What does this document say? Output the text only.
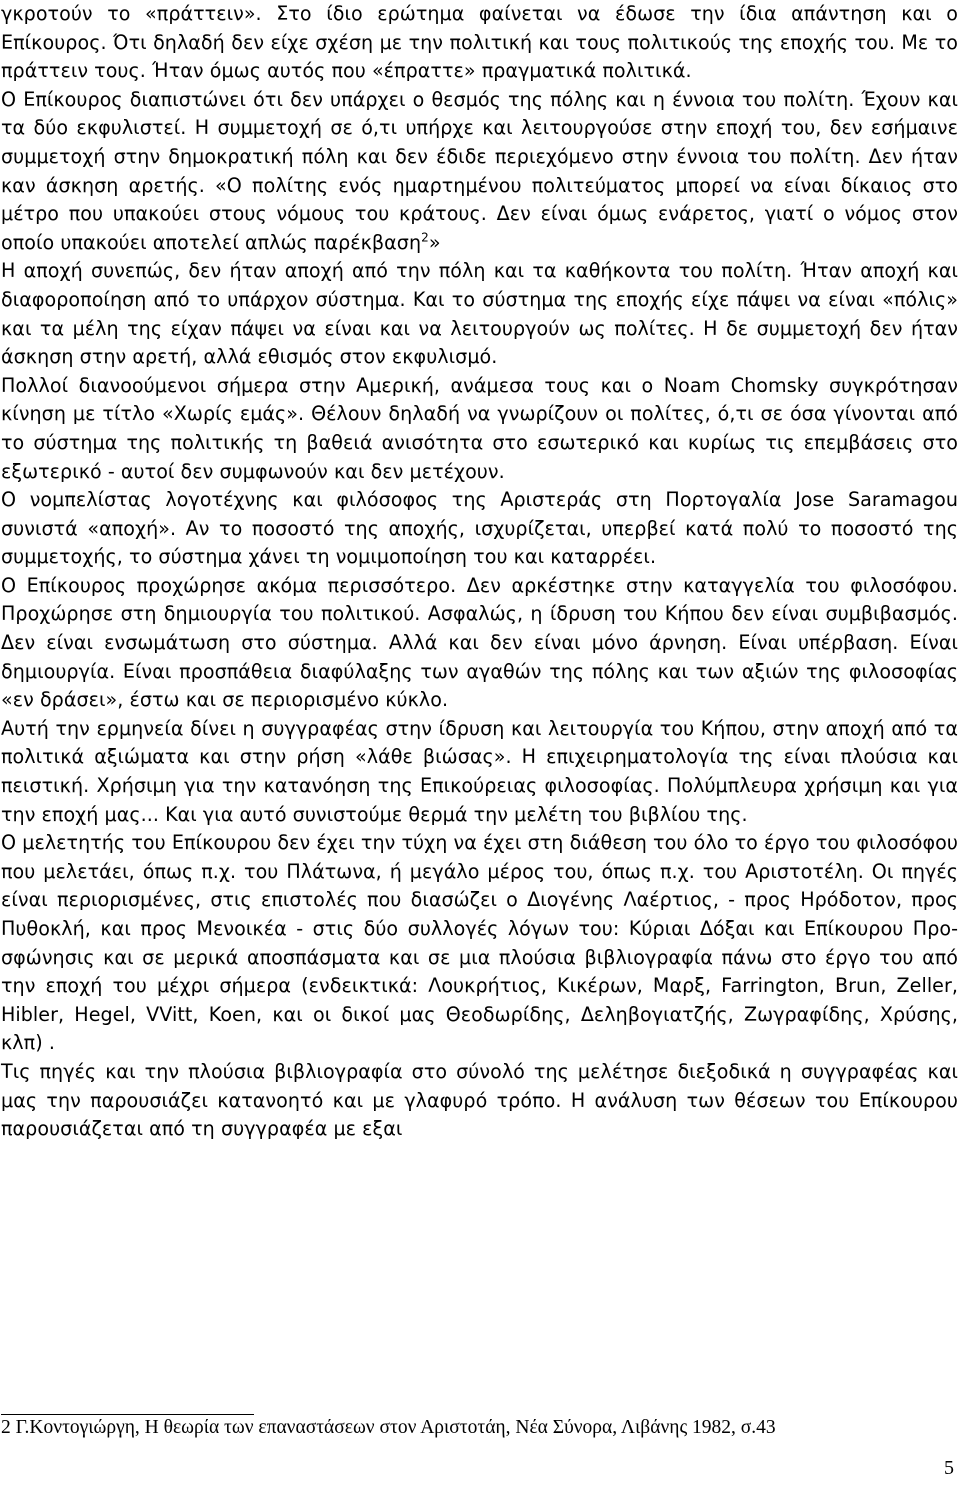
γκροτούν το «πράττειν». Στο ίδιο ερώτημα φαίνεται να έδωσε την ίδια απάντηση και ο Επίκουρος. Ότι δηλαδή δεν είχε σχέση με την πολιτική και τους πολιτικούς της εποχής του. Με το πράττειν τους. Ήταν όμως αυτός που «έπραττε» πραγματικά πολιτικά.

Ο Επίκουρος διαπιστώνει ότι δεν υπάρχει ο θεσμός της πόλης και η έννοια του πολίτη. Έχουν και τα δύο εκφυλιστεί. Η συμμετοχή σε ό,τι υπήρχε και λειτουργούσε στην εποχή του, δεν εσήμαινε συμμετοχή στην δημοκρατική πόλη και δεν έδιδε περιεχόμενο στην έννοια του πολίτη. Δεν ήταν καν άσκηση αρετής. «Ο πολίτης ενός ημαρτημένου πολιτεύματος μπορεί να είναι δίκαιος στο μέτρο που υπακούει στους νόμους του κράτους. Δεν είναι όμως ενάρετος, γιατί ο νόμος στον οποίο υπακούει αποτελεί απλώς παρέκβαση$^2$»

Η αποχή συνεπώς, δεν ήταν αποχή από την πόλη και τα καθήκοντα του πολίτη. Ήταν αποχή και διαφοροποίηση από το υπάρχον σύστημα. Και το σύστημα της εποχής είχε πάψει να είναι «πόλις» και τα μέλη της είχαν πάψει να είναι και να λειτουργούν ως πολίτες. Η δε συμμετοχή δεν ήταν άσκηση στην αρετή, αλλά εθισμός στον εκφυλισμό.

Πολλοί διανοούμενοι σήμερα στην Αμερική, ανάμεσα τους και ο Noam Chomsky συγκρότησαν κίνηση με τίτλο «Χωρίς εμάς». Θέλουν δηλαδή να γνωρίζουν οι πολίτες, ό,τι σε όσα γίνονται από το σύστημα της πολιτικής τη βαθειά ανισότητα στο εσωτερικό και κυρίως τις επεμβάσεις στο εξωτερικό - αυτοί δεν συμφωνούν και δεν μετέχουν.

Ο νομπελίστας λογοτέχνης και φιλόσοφος της Αριστεράς στη Πορτογαλία Jose Saramagou συνιστά «αποχή». Αν το ποσοστό της αποχής, ισχυρίζεται, υπερβεί κατά πολύ το ποσοστό της συμμετοχής, το σύστημα χάνει τη νομιμοποίηση του και καταρρέει.

Ο Επίκουρος προχώρησε ακόμα περισσότερο. Δεν αρκέστηκε στην καταγγελία του φιλοσόφου. Προχώρησε στη δημιουργία του πολιτικού. Ασφαλώς, η ίδρυση του Κήπου δεν είναι συμβιβασμός. Δεν είναι ενσωμάτωση στο σύστημα. Αλλά και δεν είναι μόνο άρνηση. Είναι υπέρβαση. Είναι δημιουργία. Είναι προσπάθεια διαφύλαξης των αγαθών της πόλης και των αξιών της φιλοσοφίας «εν δράσει», έστω και σε περιορισμένο κύκλο.

Αυτή την ερμηνεία δίνει η συγγραφέας στην ίδρυση και λειτουργία του Κήπου, στην αποχή από τα πολιτικά αξιώματα και στην ρήση «λάθε βιώσας». Η επιχειρηματολογία της είναι πλούσια και πειστική. Χρήσιμη για την κατανόηση της Επικούρειας φιλοσοφίας. Πολύμπλευρα χρήσιμη και για την εποχή μας... Και για αυτό συνιστούμε θερμά την μελέτη του βιβλίου της.

Ο μελετητής του Επίκουρου δεν έχει την τύχη να έχει στη διάθεση του όλο το έργο του φιλοσόφου που μελετάει, όπως π.χ. του Πλάτωνα, ή μεγάλο μέρος του, όπως π.χ. του Αριστοτέλη. Οι πηγές είναι περιορισμένες, στις επιστολές που διασώζει ο Διογένης Λαέρτιος, - προς Ηρόδοτον, προς Πυθοκλή, και προς Μενοικέα - στις δύο συλλογές λόγων του: Κύριαι Δόξαι και Επίκουρου Προσφώνησις και σε μερικά αποσπάσματα και σε μια πλούσια βιβλιογραφία πάνω στο έργο του από την εποχή του μέχρι σήμερα (ενδεικτικά: Λουκρήτιος, Κικέρων, Μαρξ, Farrington, Brun, Zeller, Hibler, Hegel, VVitt, Koen, και οι δικοί μας Θεοδωρίδης, Δεληβογιατζής, Ζωγραφίδης, Χρύσης, κλπ) .

Τις πηγές και την πλούσια βιβλιογραφία στο σύνολό της μελέτησε διεξοδικά η συγγραφέας και μας την παρουσιάζει κατανοητό και με γλαφυρό τρόπο. Η ανάλυση των θέσεων του Επίκουρου παρουσιάζεται από τη συγγραφέα με εξαι

2 Γ.Κοντογιώργη, Η θεωρία των επαναστάσεων στον Αριστοτάη, Νέα Σύνορα, Λιβάνης 1982, σ.43
5
